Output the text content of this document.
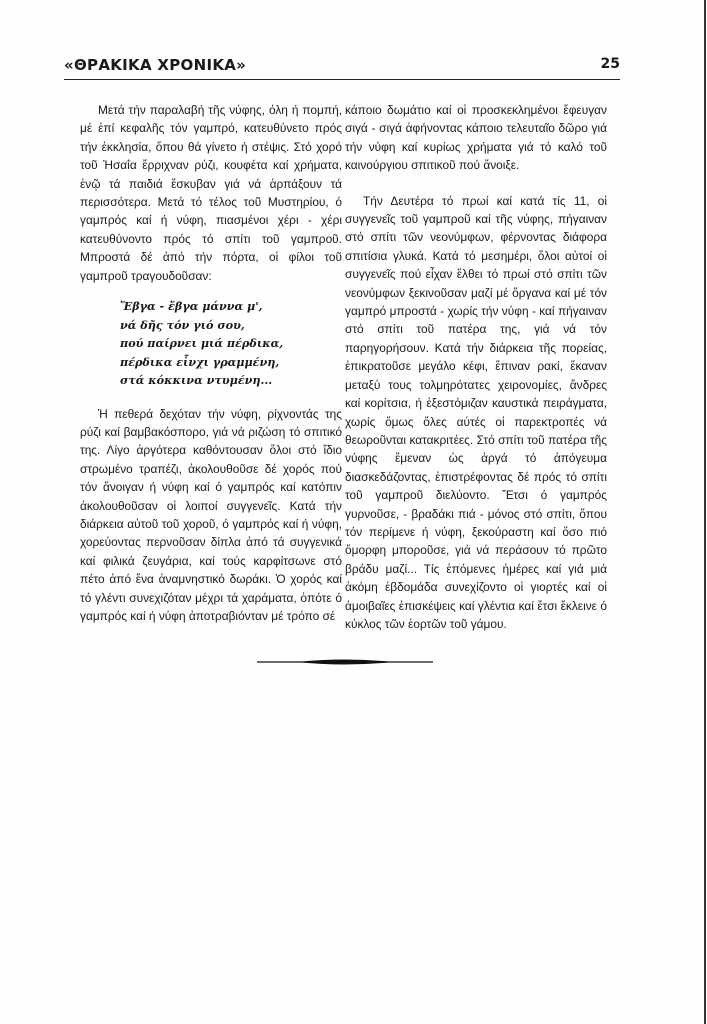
«ΘΡΑΚΙΚΑ ΧΡΟΝΙΚΑ»	25

Μετά τήν παραλαβή τῆς νύφης, όλη ή πομπή, μέ ἐπί κεφαλῆς τόν γαμπρό, κατευθύνετο πρός τήν ἐκκλησία, ὅπου θά γίνετο ή στέψις. Στό χορό τοῦ Ἡσαΐα ἔρριχναν ρύζι, κουφέτα καί χρήματα, ἐνῷ τά παιδιά ἔσκυβαν γιά νά ἁρπάξουν τά περισσότερα. Μετά τό τέλος τοῦ Μυστηρίου, ό γαμπρός καί ή νύφη, πιασμένοι χέρι - χέρι κατευθύνοντο πρός τό σπίτι τοῦ γαμπροῦ. Μπροστά δέ ἀπό τήν πόρτα, οἱ φίλοι τοῦ γαμπροῦ τραγουδοῦσαν:

Ἔβγα - ἔβγα μάννα μ',
νά δῆς τόν γιό σου,
πού παίρνει μιά πέρδικα,
πέρδικα εἶνχι γραμμένη,
στά κόκκινα ντυμένη...

Ἡ πεθερά δεχόταν τήν νύφη, ρίχνοντάς της ρύζι καί βαμβακόσπορο, γιά νά ριζώση τό σπιτικό της. Λίγο ἀργότερα καθόντουσαν ὅλοι στό ἴδιο στρωμένο τραπέζι, ἀκολουθοῦσε δέ χορός πού τόν ἄνοιγαν ή νύφη καί ό γαμπρός καί κατόπιν ἀκολουθοῦσαν οἱ λοιποί συγγενεῖς. Κατά τήν διάρκεια αὐτοῦ τοῦ χοροῦ, ό γαμπρός καί ή νύφη, χορεύοντας περνοῦσαν δίπλα ἀπό τά συγγενικά καί φιλικά ζευγάρια, καί τούς καρφίτσωνε στό πέτο ἀπό ἕνα ἀναμνηστικό δωράκι. Ὁ χορός καί τό γλέντι συνεχιζόταν μέχρι τά χαράματα, ὁπότε ό γαμπρός καί ή νύφη ἀποτραβιόνταν μέ τρόπο σέ

κάποιο δωμάτιο καί οἱ προσκεκλημένοι ἔφευγαν σιγά - σιγά ἀφήνοντας κάποιο τελευταῖο δῶρο γιά τήν νύφη καί κυρίως χρήματα γιά τό καλό τοῦ καινούργιου σπιτικοῦ πού ἄνοιξε.

Τήν Δευτέρα τό πρωί καί κατά τίς 11, οἱ συγγενεῖς τοῦ γαμπροῦ καί τῆς νύφης, πήγαιναν στό σπίτι τῶν νεονύμφων, φέρνοντας διάφορα σπιτίσια γλυκά. Κατά τό μεσημέρι, ὅλοι αὐτοί οἱ συγγενεῖς πού εἶχαν ἔλθει τό πρωί στό σπίτι τῶν νεονύμφων ξεκινοῦσαν μαζί μέ ὄργανα καί μέ τόν γαμπρό μπροστά - χωρίς τήν νύφη - καί πήγαιναν στό σπίτι τοῦ πατέρα της, γιά νά τόν παρηγορήσουν. Κατά τήν διάρκεια τῆς πορείας, ἐπικρατοῦσε μεγάλο κέφι, ἔπιναν ρακί, ἔκαναν μεταξύ τους τολμηρότατες χειρονομίες, ἄνδρες καί κορίτσια, ή ἐξεστόμιζαν καυστικά πειράγματα, χωρίς ὅμως ὅλες αὐτές οἱ παρεκτροπές νά θεωροῦνται κατακριτέες. Στό σπίτι τοῦ πατέρα τῆς νύφης ἔμεναν ὡς ἀργά τό ἀπόγευμα διασκεδάζοντας, ἐπιστρέφοντας δέ πρός τό σπίτι τοῦ γαμπροῦ διελύοντο. Ἔτσι ό γαμπρός γυρνοῦσε, - βραδάκι πιά - μόνος στό σπίτι, ὅπου τόν περίμενε ή νύφη, ξεκούραστη καί ὅσο πιό ὄμορφη μποροῦσε, γιά νά περάσουν τό πρῶτο βράδυ μαζί... Τίς ἑπόμενες ἡμέρες καί γιά μιά ἀκόμη ἑβδομάδα συνεχίζοντο οἱ γιορτές καί οἱ ἀμοιβαῖες ἐπισκέψεις καί γλέντια καί ἔτσι ἔκλεινε ό κύκλος τῶν ἑορτῶν τοῦ γάμου.
